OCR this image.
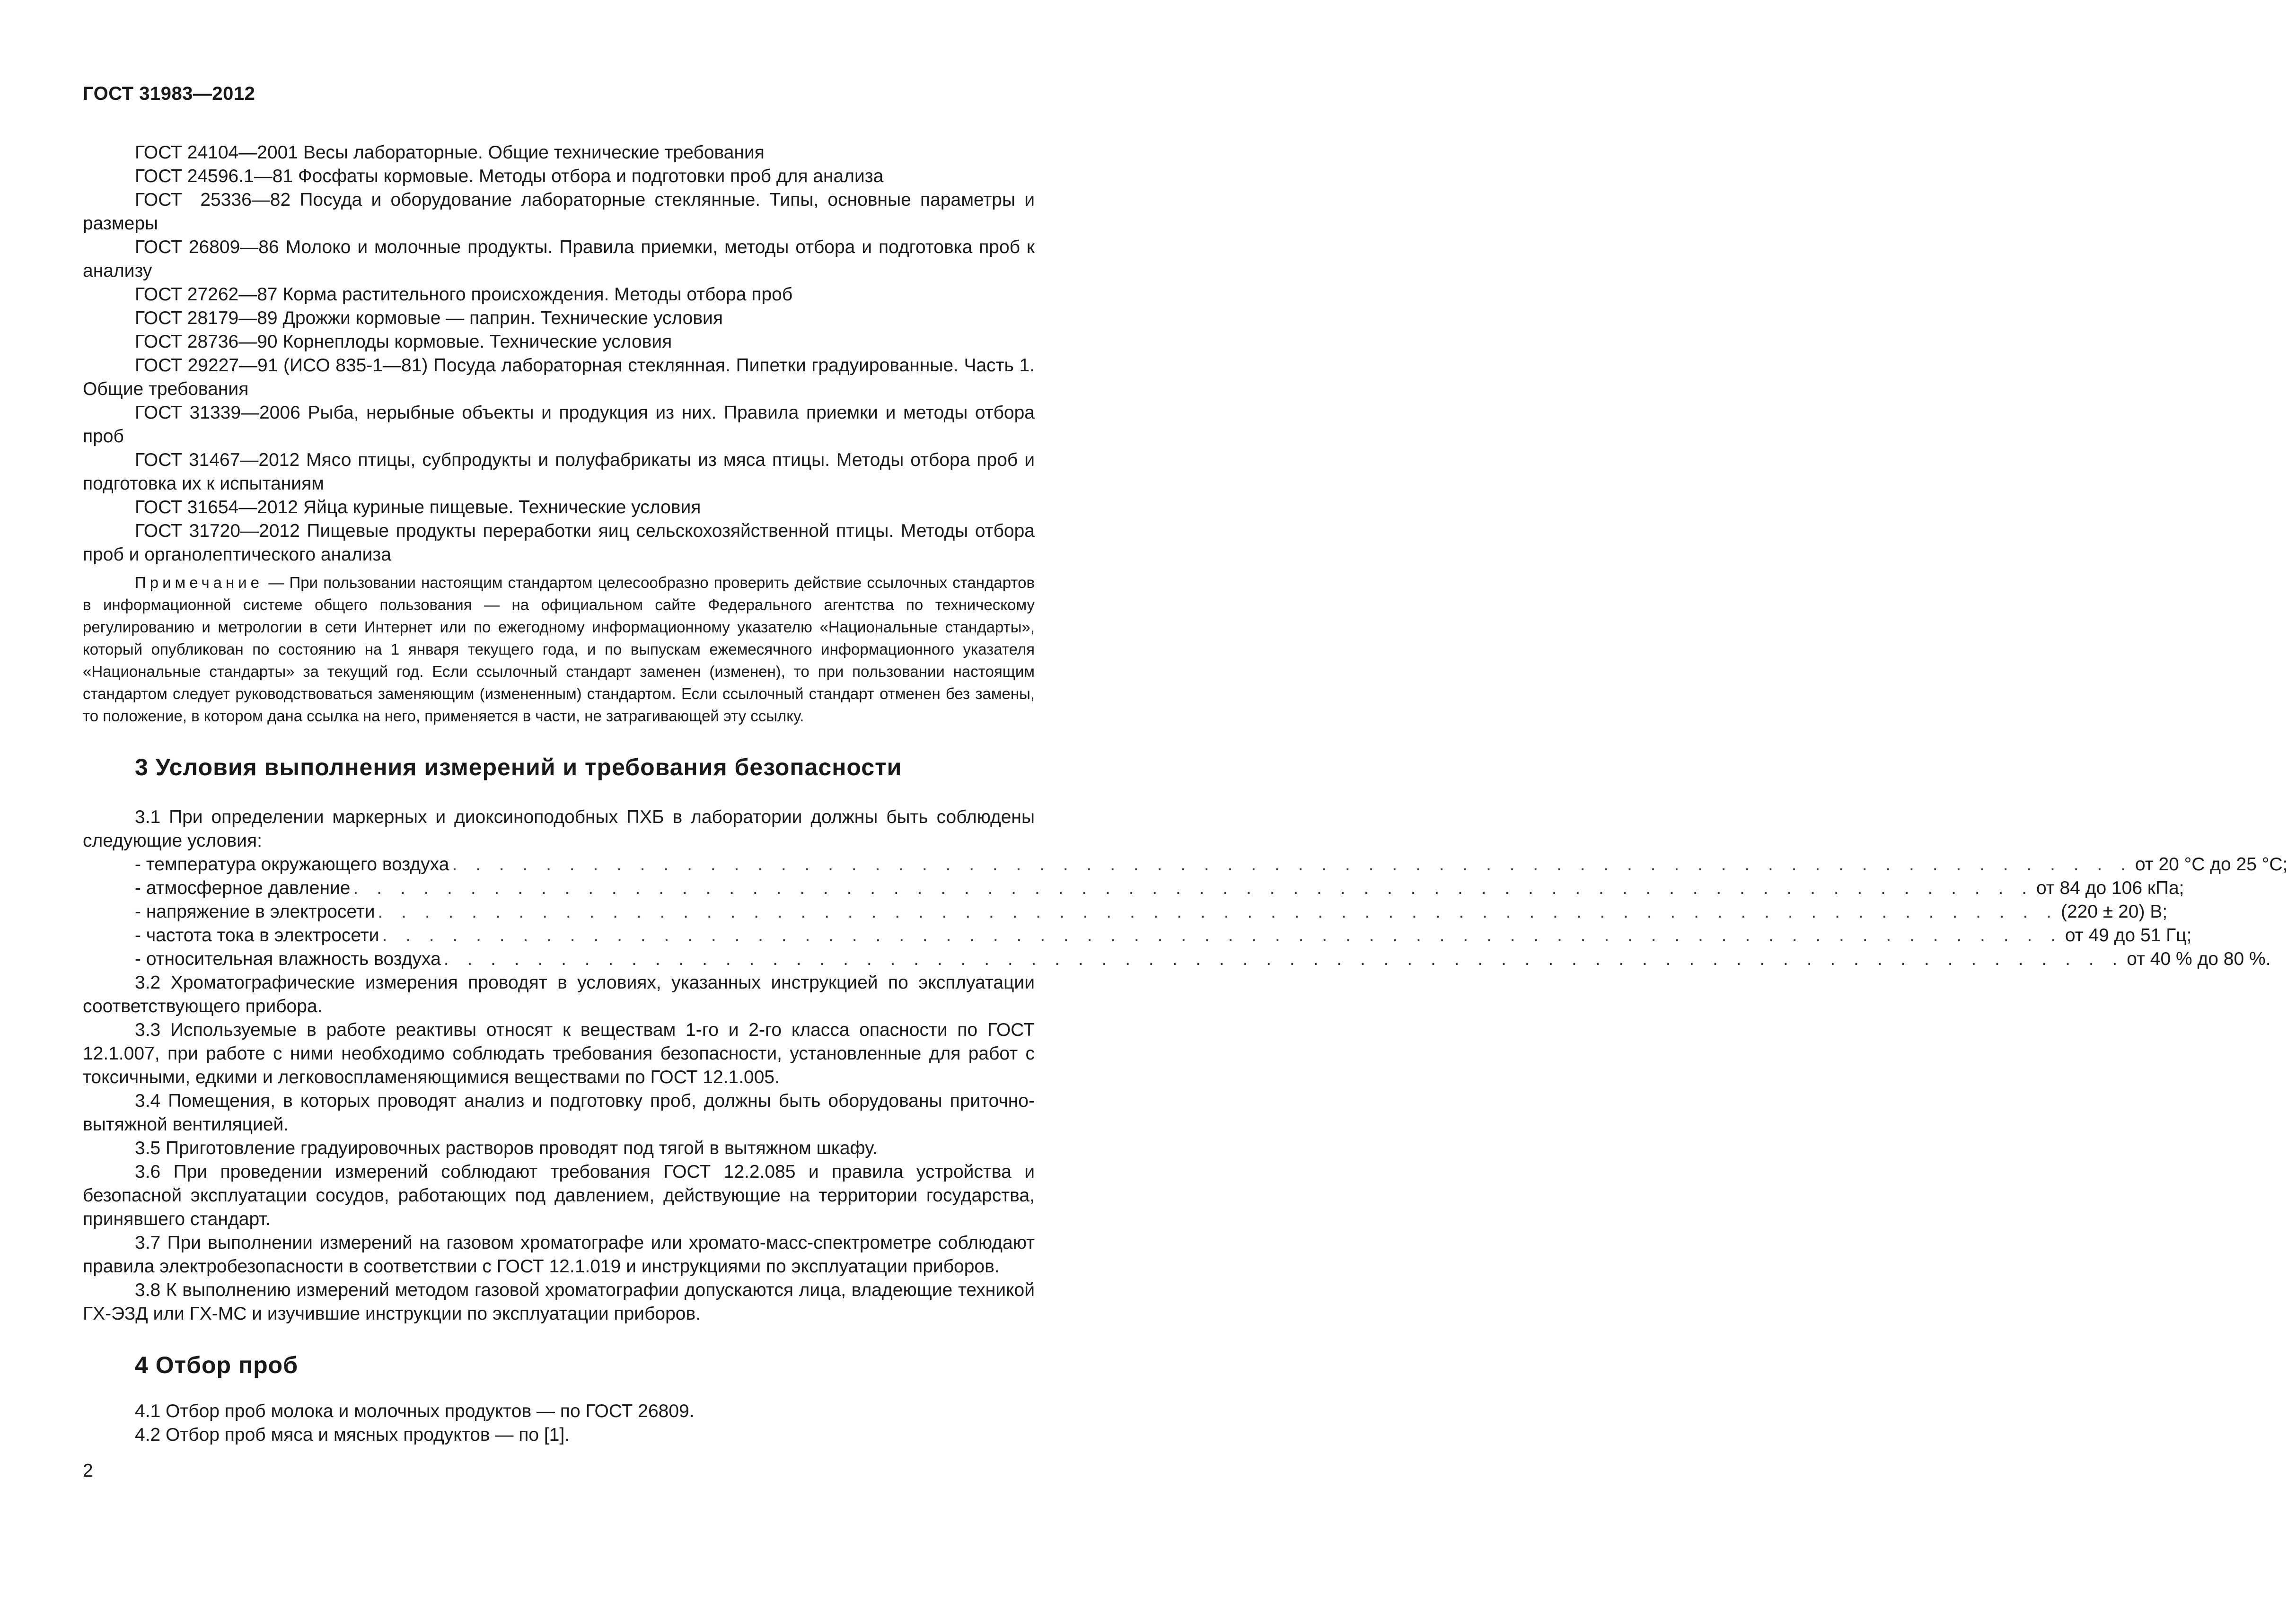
ГОСТ 31983—2012

ГОСТ 24104—2001 Весы лабораторные. Общие технические требования

ГОСТ 24596.1—81 Фосфаты кормовые. Методы отбора и подготовки проб для анализа

ГОСТ  25336—82 Посуда и оборудование лабораторные стеклянные. Типы, основные параметры и размеры

ГОСТ 26809—86 Молоко и молочные продукты. Правила приемки, методы отбора и подготовка проб к анализу

ГОСТ 27262—87 Корма растительного происхождения. Методы отбора проб

ГОСТ 28179—89 Дрожжи кормовые — паприн. Технические условия

ГОСТ 28736—90 Корнеплоды кормовые. Технические условия

ГОСТ 29227—91 (ИСО 835-1—81) Посуда лабораторная стеклянная. Пипетки градуированные. Часть 1. Общие требования

ГОСТ 31339—2006 Рыба, нерыбные объекты и продукция из них. Правила приемки и методы отбора проб

ГОСТ 31467—2012 Мясо птицы, субпродукты и полуфабрикаты из мяса птицы. Методы отбора проб и подготовка их к испытаниям

ГОСТ 31654—2012 Яйца куриные пищевые. Технические условия

ГОСТ 31720—2012 Пищевые продукты переработки яиц сельскохозяйственной птицы. Методы отбора проб и органолептического анализа

Примечание — При пользовании настоящим стандартом целесообразно проверить действие ссылочных стандартов в информационной системе общего пользования — на официальном сайте Федерального агентства по техническому регулированию и метрологии в сети Интернет или по ежегодному информационному указателю «Национальные стандарты», который опубликован по состоянию на 1 января текущего года, и по выпускам ежемесячного информационного указателя «Национальные стандарты» за текущий год. Если ссылочный стандарт заменен (изменен), то при пользовании настоящим стандартом следует руководствоваться заменяющим (измененным) стандартом. Если ссылочный стандарт отменен без замены, то положение, в котором дана ссылка на него, применяется в части, не затрагивающей эту ссылку.

3 Условия выполнения измерений и требования безопасности

3.1 При определении маркерных и диоксиноподобных ПХБ в лаборатории должны быть соблюдены следующие условия:

- температура окружающего воздуха . . . . . . . . . . . . . . . . . . . . . . . . . . . . . . . . . . . . . . . . . . . . . . . . . . . . . . . . . . . . . . . . . . . . . . . . от 20 °С до 25 °С;
- атмосферное давление . . . . . . . . . . . . . . . . . . . . . . . . . . . . . . . . . . . . . . . . . . . . . . . . . . . . . . . . . . . . . . . . . . . . . . . . от 84 до 106 кПа;
- напряжение в электросети . . . . . . . . . . . . . . . . . . . . . . . . . . . . . . . . . . . . . . . . . . . . . . . . . . . . . . . . . . . . . . . . . . . . . . . . (220 ± 20) В;
- частота тока в электросети . . . . . . . . . . . . . . . . . . . . . . . . . . . . . . . . . . . . . . . . . . . . . . . . . . . . . . . . . . . . . . . . . . . . . . . . от 49 до 51 Гц;
- относительная влажность воздуха . . . . . . . . . . . . . . . . . . . . . . . . . . . . . . . . . . . . . . . . . . . . . . . . . . . . . . . . . . . . . . . . . . . . . . . . от 40 % до 80 %.

3.2 Хроматографические измерения проводят в условиях, указанных инструкцией по эксплуатации соответствующего прибора.

3.3 Используемые в работе реактивы относят к веществам 1-го и 2-го класса опасности по ГОСТ 12.1.007, при работе с ними необходимо соблюдать требования безопасности, установленные для работ с токсичными, едкими и легковоспламеняющимися веществами по ГОСТ 12.1.005.

3.4 Помещения, в которых проводят анализ и подготовку проб, должны быть оборудованы приточно-вытяжной вентиляцией.

3.5 Приготовление градуировочных растворов проводят под тягой в вытяжном шкафу.

3.6 При проведении измерений соблюдают требования ГОСТ 12.2.085 и правила устройства и безопасной эксплуатации сосудов, работающих под давлением, действующие на территории государства, принявшего стандарт.

3.7 При выполнении измерений на газовом хроматографе или хромато-масс-спектрометре соблюдают правила электробезопасности в соответствии с ГОСТ 12.1.019 и инструкциями по эксплуатации приборов.

3.8 К выполнению измерений методом газовой хроматографии допускаются лица, владеющие техникой ГХ-ЭЗД или ГХ-МС и изучившие инструкции по эксплуатации приборов.

4 Отбор проб

4.1 Отбор проб молока и молочных продуктов — по ГОСТ 26809.

4.2 Отбор проб мяса и мясных продуктов — по [1].

2
